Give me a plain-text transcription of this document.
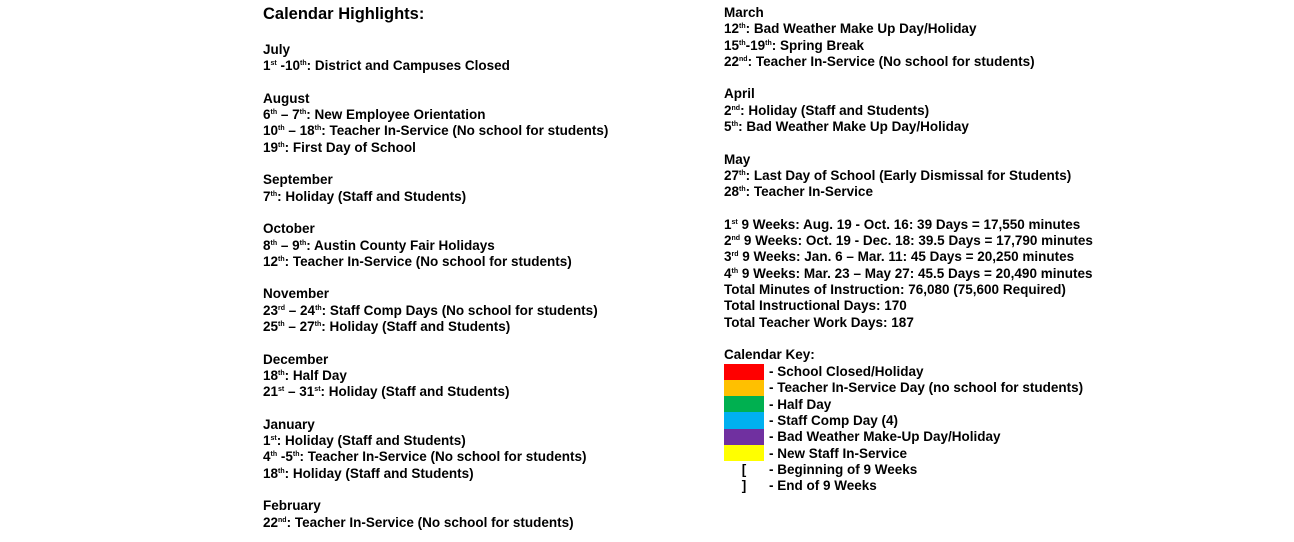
Calendar Highlights:
July
1st -10th: District and Campuses Closed
August
6th – 7th: New Employee Orientation
10th – 18th: Teacher In-Service (No school for students)
19th: First Day of School
September
7th: Holiday (Staff and Students)
October
8th – 9th: Austin County Fair Holidays
12th: Teacher In-Service (No school for students)
November
23rd – 24th: Staff Comp Days (No school for students)
25th – 27th: Holiday (Staff and Students)
December
18th: Half Day
21st – 31st: Holiday (Staff and Students)
January
1st: Holiday (Staff and Students)
4th -5th: Teacher In-Service (No school for students)
18th: Holiday (Staff and Students)
February
22nd: Teacher In-Service (No school for students)
March
12th: Bad Weather Make Up Day/Holiday
15th-19th: Spring Break
22nd: Teacher In-Service (No school for students)
April
2nd: Holiday (Staff and Students)
5th: Bad Weather Make Up Day/Holiday
May
27th: Last Day of School (Early Dismissal for Students)
28th: Teacher In-Service
1st 9 Weeks: Aug. 19 - Oct. 16: 39 Days = 17,550 minutes
2nd 9 Weeks: Oct. 19 - Dec. 18: 39.5 Days = 17,790 minutes
3rd 9 Weeks: Jan. 6 – Mar. 11: 45 Days = 20,250 minutes
4th 9 Weeks: Mar. 23 – May 27: 45.5 Days = 20,490 minutes
Total Minutes of Instruction: 76,080 (75,600 Required)
Total Instructional Days: 170
Total Teacher Work Days: 187
Calendar Key:
- School Closed/Holiday
- Teacher In-Service Day (no school for students)
- Half Day
- Staff Comp Day (4)
- Bad Weather Make-Up Day/Holiday
- New Staff In-Service
[	- Beginning of 9 Weeks
]	- End of 9 Weeks
